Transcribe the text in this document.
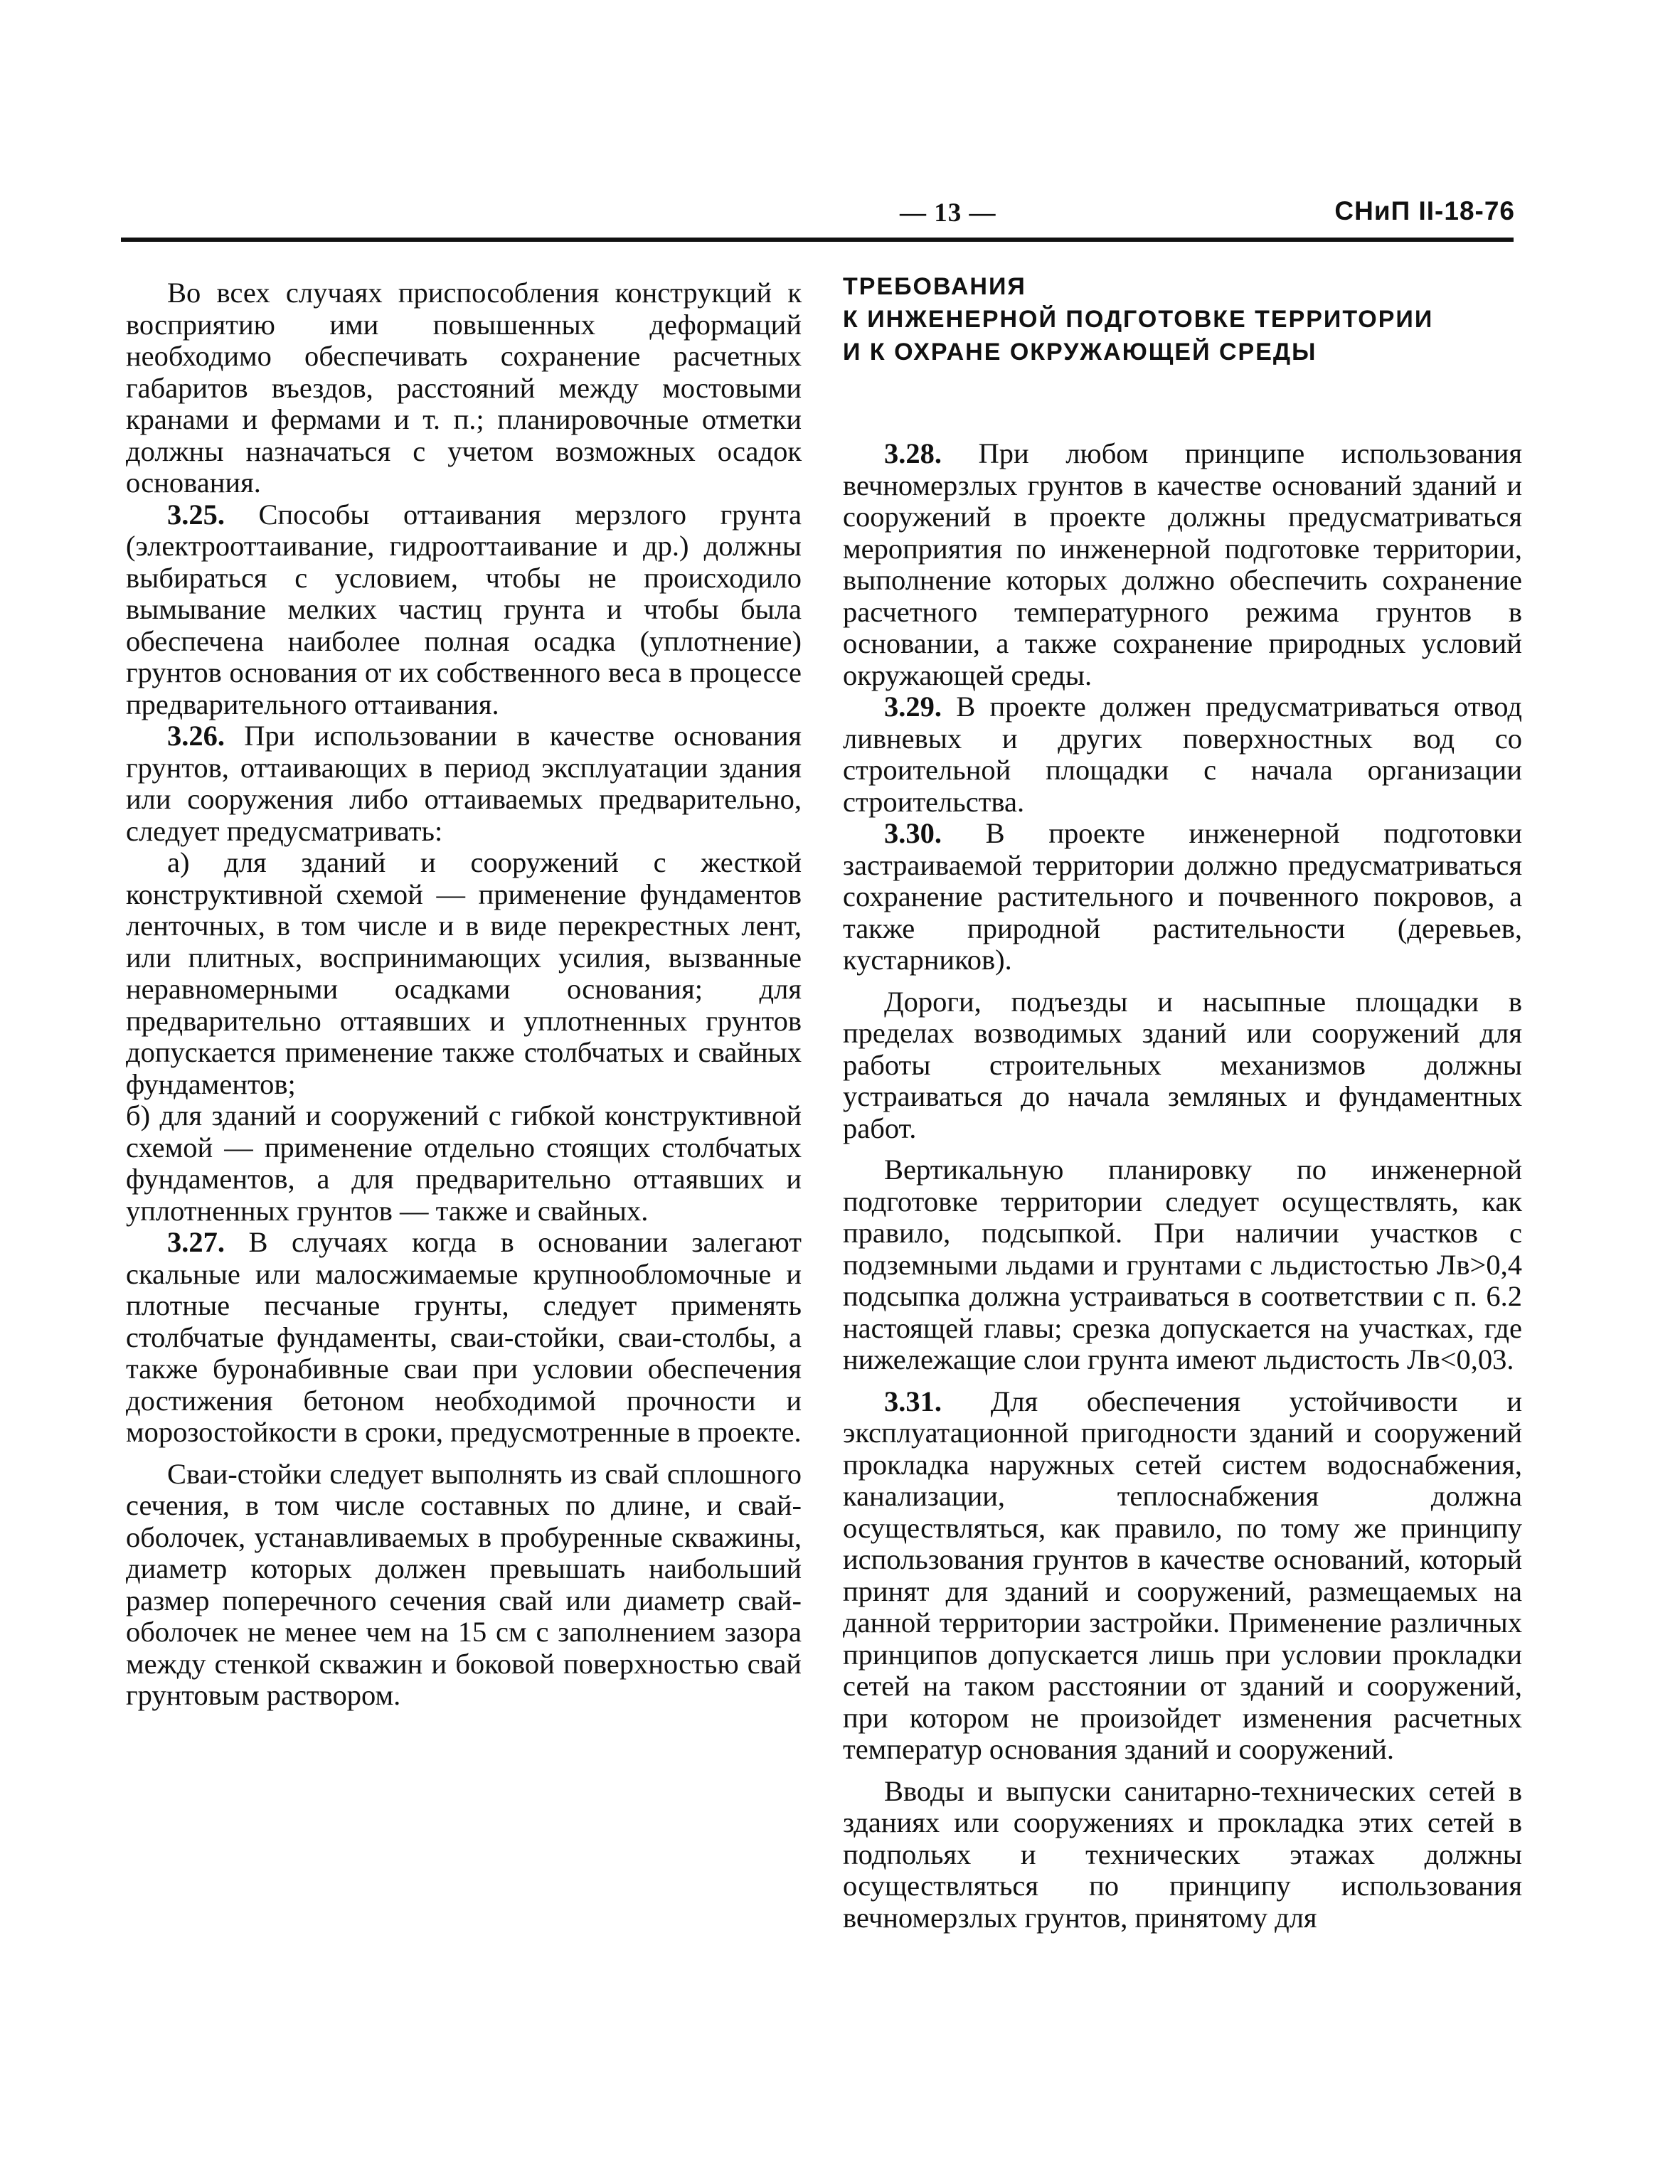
— 13 —	СНиП II-18-76

Во всех случаях приспособления конструкций к восприятию ими повышенных деформаций необходимо обеспечивать сохранение расчетных габаритов въездов, расстояний между мостовыми кранами и фермами и т. п.; планировочные отметки должны назначаться с учетом возможных осадок основания.

3.25. Способы оттаивания мерзлого грунта (электрооттаивание, гидрооттаивание и др.) должны выбираться с условием, чтобы не происходило вымывание мелких частиц грунта и чтобы была обеспечена наиболее полная осадка (уплотнение) грунтов основания от их собственного веса в процессе предварительного оттаивания.

3.26. При использовании в качестве основания грунтов, оттаивающих в период эксплуатации здания или сооружения либо оттаиваемых предварительно, следует предусматривать:

а) для зданий и сооружений с жесткой конструктивной схемой — применение фундаментов ленточных, в том числе и в виде перекрестных лент, или плитных, воспринимающих усилия, вызванные неравномерными осадками основания; для предварительно оттаявших и уплотненных грунтов допускается применение также столбчатых и свайных фундаментов;

б) для зданий и сооружений с гибкой конструктивной схемой — применение отдельно стоящих столбчатых фундаментов, а для предварительно оттаявших и уплотненных грунтов — также и свайных.

3.27. В случаях когда в основании залегают скальные или малосжимаемые крупнообломочные и плотные песчаные грунты, следует применять столбчатые фундаменты, сваи-стойки, сваи-столбы, а также буронабивные сваи при условии обеспечения достижения бетоном необходимой прочности и морозостойкости в сроки, предусмотренные в проекте.

Сваи-стойки следует выполнять из свай сплошного сечения, в том числе составных по длине, и свай-оболочек, устанавливаемых в пробуренные скважины, диаметр которых должен превышать наибольший размер поперечного сечения свай или диаметр свай-оболочек не менее чем на 15 см с заполнением зазора между стенкой скважин и боковой поверхностью свай грунтовым раствором.

ТРЕБОВАНИЯ
К ИНЖЕНЕРНОЙ ПОДГОТОВКЕ ТЕРРИТОРИИ
И К ОХРАНЕ ОКРУЖАЮЩЕЙ СРЕДЫ

3.28. При любом принципе использования вечномерзлых грунтов в качестве оснований зданий и сооружений в проекте должны предусматриваться мероприятия по инженерной подготовке территории, выполнение которых должно обеспечить сохранение расчетного температурного режима грунтов в основании, а также сохранение природных условий окружающей среды.

3.29. В проекте должен предусматриваться отвод ливневых и других поверхностных вод со строительной площадки с начала организации строительства.

3.30. В проекте инженерной подготовки застраиваемой территории должно предусматриваться сохранение растительного и почвенного покровов, а также природной растительности (деревьев, кустарников).

Дороги, подъезды и насыпные площадки в пределах возводимых зданий или сооружений для работы строительных механизмов должны устраиваться до начала земляных и фундаментных работ.

Вертикальную планировку по инженерной подготовке территории следует осуществлять, как правило, подсыпкой. При наличии участков с подземными льдами и грунтами с льдистостью Лв>0,4 подсыпка должна устраиваться в соответствии с п. 6.2 настоящей главы; срезка допускается на участках, где нижележащие слои грунта имеют льдистость Лв<0,03.

3.31. Для обеспечения устойчивости и эксплуатационной пригодности зданий и сооружений прокладка наружных сетей систем водоснабжения, канализации, теплоснабжения должна осуществляться, как правило, по тому же принципу использования грунтов в качестве оснований, который принят для зданий и сооружений, размещаемых на данной территории застройки. Применение различных принципов допускается лишь при условии прокладки сетей на таком расстоянии от зданий и сооружений, при котором не произойдет изменения расчетных температур основания зданий и сооружений.

Вводы и выпуски санитарно-технических сетей в зданиях или сооружениях и прокладка этих сетей в подпольях и технических этажах должны осуществляться по принципу использования вечномерзлых грунтов, принятому для
